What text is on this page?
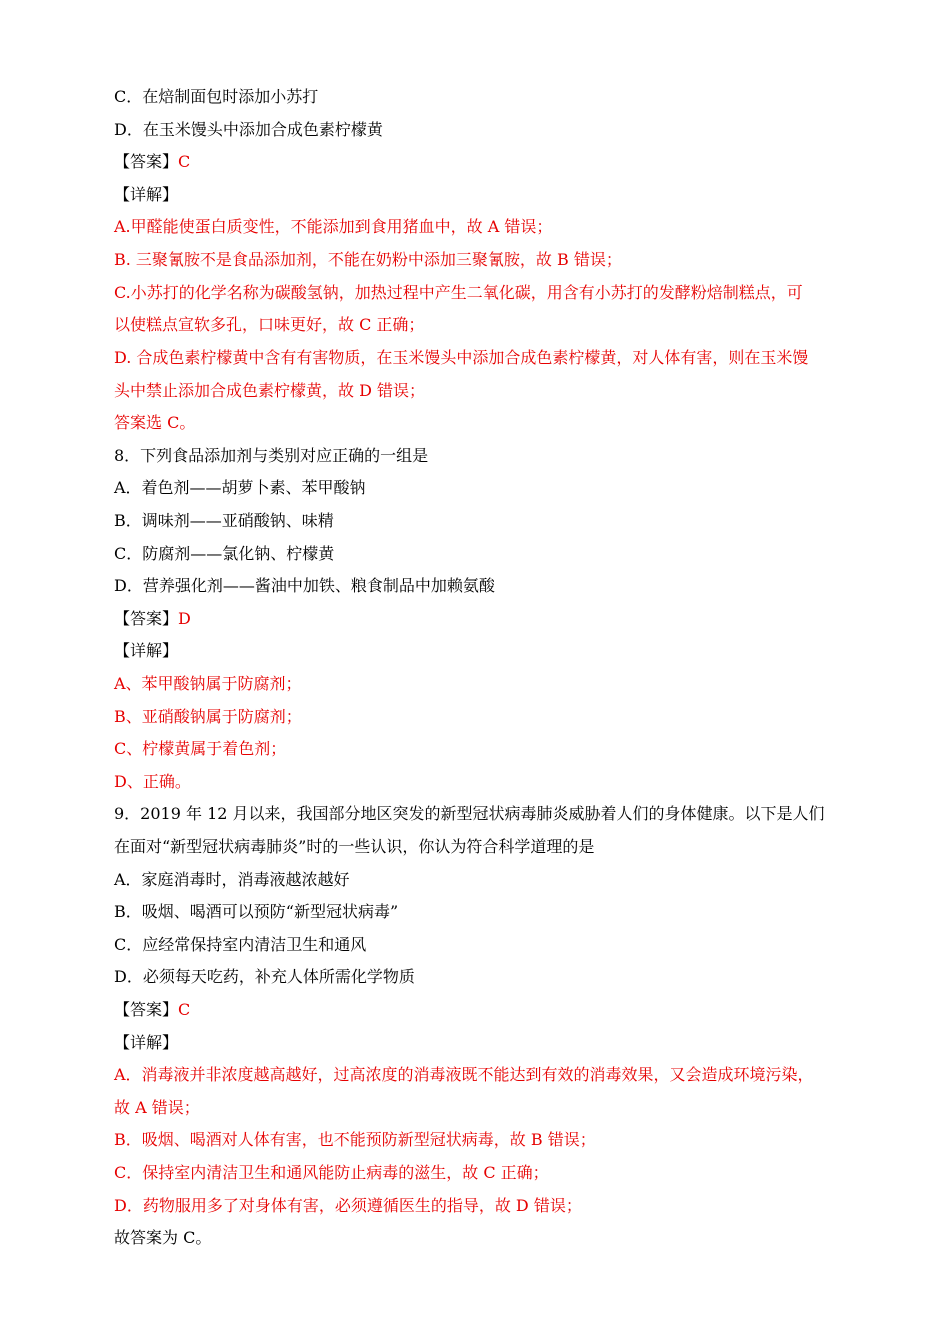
C．在焙制面包时添加小苏打
D．在玉米馒头中添加合成色素柠檬黄
【答案】C
【详解】
A.甲醛能使蛋白质变性，不能添加到食用猪血中，故 A 错误；
B. 三聚氰胺不是食品添加剂，不能在奶粉中添加三聚氰胺，故 B 错误；
C.小苏打的化学名称为碳酸氢钠，加热过程中产生二氧化碳，用含有小苏打的发酵粉焙制糕点，可
以使糕点宣软多孔，口味更好，故 C 正确；
D. 合成色素柠檬黄中含有有害物质，在玉米馒头中添加合成色素柠檬黄，对人体有害，则在玉米馒
头中禁止添加合成色素柠檬黄，故 D 错误；
答案选 C。
8．下列食品添加剂与类别对应正确的一组是
A．着色剂——胡萝卜素、苯甲酸钠
B．调味剂——亚硝酸钠、味精
C．防腐剂——氯化钠、柠檬黄
D．营养强化剂——酱油中加铁、粮食制品中加赖氨酸
【答案】D
【详解】
A、苯甲酸钠属于防腐剂；
B、亚硝酸钠属于防腐剂；
C、柠檬黄属于着色剂；
D、正确。
9．2019 年 12 月以来，我国部分地区突发的新型冠状病毒肺炎威胁着人们的身体健康。以下是人们
在面对“新型冠状病毒肺炎”时的一些认识，你认为符合科学道理的是
A．家庭消毒时，消毒液越浓越好
B．吸烟、喝酒可以预防“新型冠状病毒”
C．应经常保持室内清洁卫生和通风
D．必须每天吃药，补充人体所需化学物质
【答案】C
【详解】
A．消毒液并非浓度越高越好，过高浓度的消毒液既不能达到有效的消毒效果，又会造成环境污染，
故 A 错误；
B．吸烟、喝酒对人体有害，也不能预防新型冠状病毒，故 B 错误；
C．保持室内清洁卫生和通风能防止病毒的滋生，故 C 正确；
D．药物服用多了对身体有害，必须遵循医生的指导，故 D 错误；
故答案为 C。
